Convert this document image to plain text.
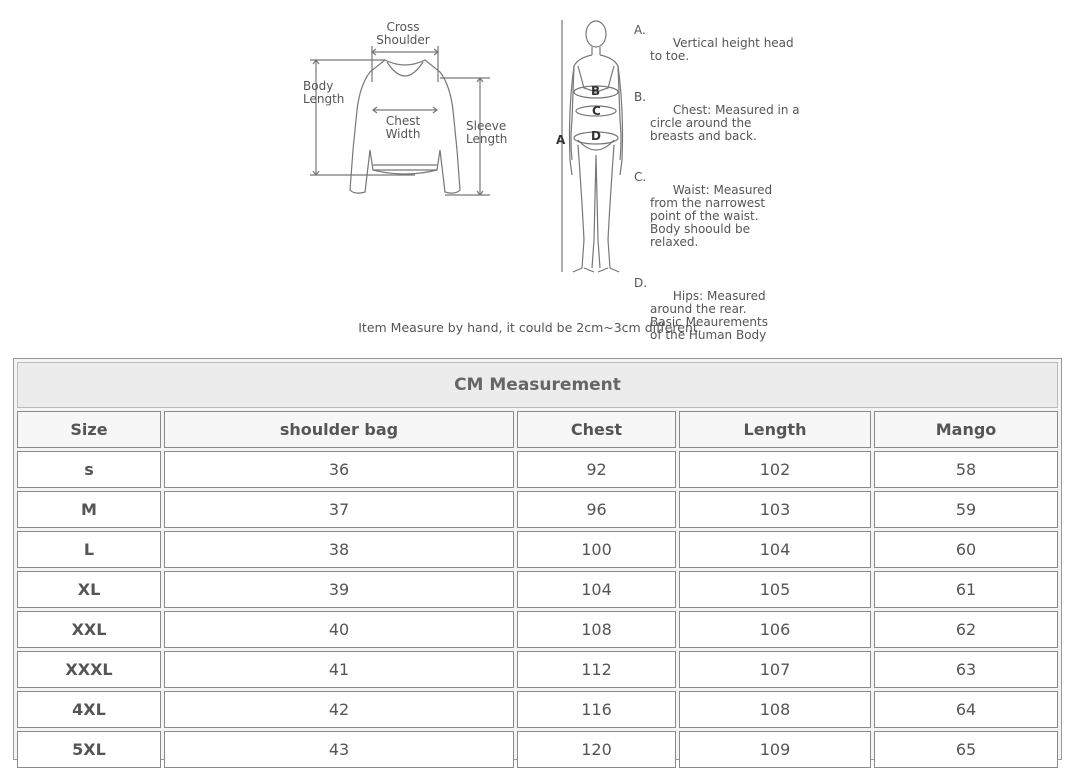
Cross
Shoulder
Body
Length
Chest
Width
Sleeve
Length	A
B
C
D

A.
Vertical height head
to toe.

B.
Chest: Measured in a
circle around the
breasts and back.

C.
Waist: Measured
from the narrowest
point of the waist.
Body shoould be
relaxed.

D.
Hips: Measured
around the rear.
Basic Meaurements
of the Human Body

Item Measure by hand, it could be 2cm~3cm different.
CM Measurement				
Size	shoulder bag	Chest	Length	Mango
s	36	92	102	58
M	37	96	103	59
L	38	100	104	60
XL	39	104	105	61
XXL	40	108	106	62
XXXL	41	112	107	63
4XL	42	116	108	64
5XL	43	120	109	65
